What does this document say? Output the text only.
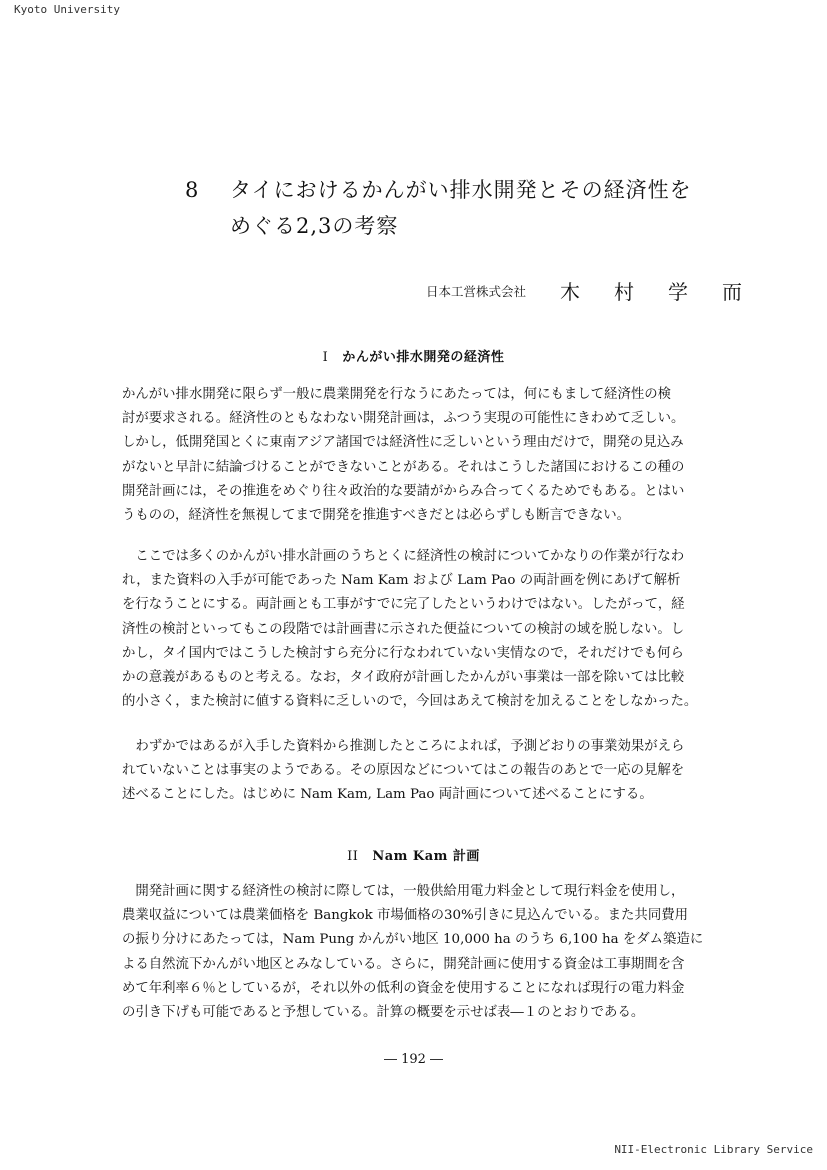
Kyoto University
8	タイにおけるかんがい排水開発とその経済性を
めぐる2,3の考察
日本工営株式会社 木 村 学 而
I かんがい排水開発の経済性
かんがい排水開発に限らず一般に農業開発を行なうにあたっては，何にもまして経済性の検
討が要求される。経済性のともなわない開発計画は，ふつう実現の可能性にきわめて乏しい。
しかし，低開発国とくに東南アジア諸国では経済性に乏しいという理由だけで，開発の見込み
がないと早計に結論づけることができないことがある。それはこうした諸国におけるこの種の
開発計画には，その推進をめぐり往々政治的な要請がからみ合ってくるためでもある。とはい
うものの，経済性を無視してまで開発を推進すべきだとは必らずしも断言できない。
　ここでは多くのかんがい排水計画のうちとくに経済性の検討についてかなりの作業が行なわ
れ，また資料の入手が可能であった Nam Kam および Lam Pao の両計画を例にあげて解析
を行なうことにする。両計画とも工事がすでに完了したというわけではない。したがって，経
済性の検討といってもこの段階では計画書に示された便益についての検討の域を脱しない。し
かし，タイ国内ではこうした検討すら充分に行なわれていない実情なので，それだけでも何ら
かの意義があるものと考える。なお，タイ政府が計画したかんがい事業は一部を除いては比較
的小さく，また検討に値する資料に乏しいので，今回はあえて検討を加えることをしなかった。
　わずかではあるが入手した資料から推測したところによれば，予測どおりの事業効果がえら
れていないことは事実のようである。その原因などについてはこの報告のあとで一応の見解を
述べることにした。はじめに Nam Kam, Lam Pao 両計画について述べることにする。
II Nam Kam 計画
　開発計画に関する経済性の検討に際しては，一般供給用電力料金として現行料金を使用し，
農業収益については農業価格を Bangkok 市場価格の30%引きに見込んでいる。また共同費用
の振り分けにあたっては，Nam Pung かんがい地区 10,000 ha のうち 6,100 ha をダム築造に
よる自然流下かんがい地区とみなしている。さらに，開発計画に使用する資金は工事期間を含
めて年利率６％としているが，それ以外の低利の資金を使用することになれば現行の電力料金
の引き下げも可能であると予想している。計算の概要を示せば表―１のとおりである。
― 192 ―
NII-Electronic Library Service
